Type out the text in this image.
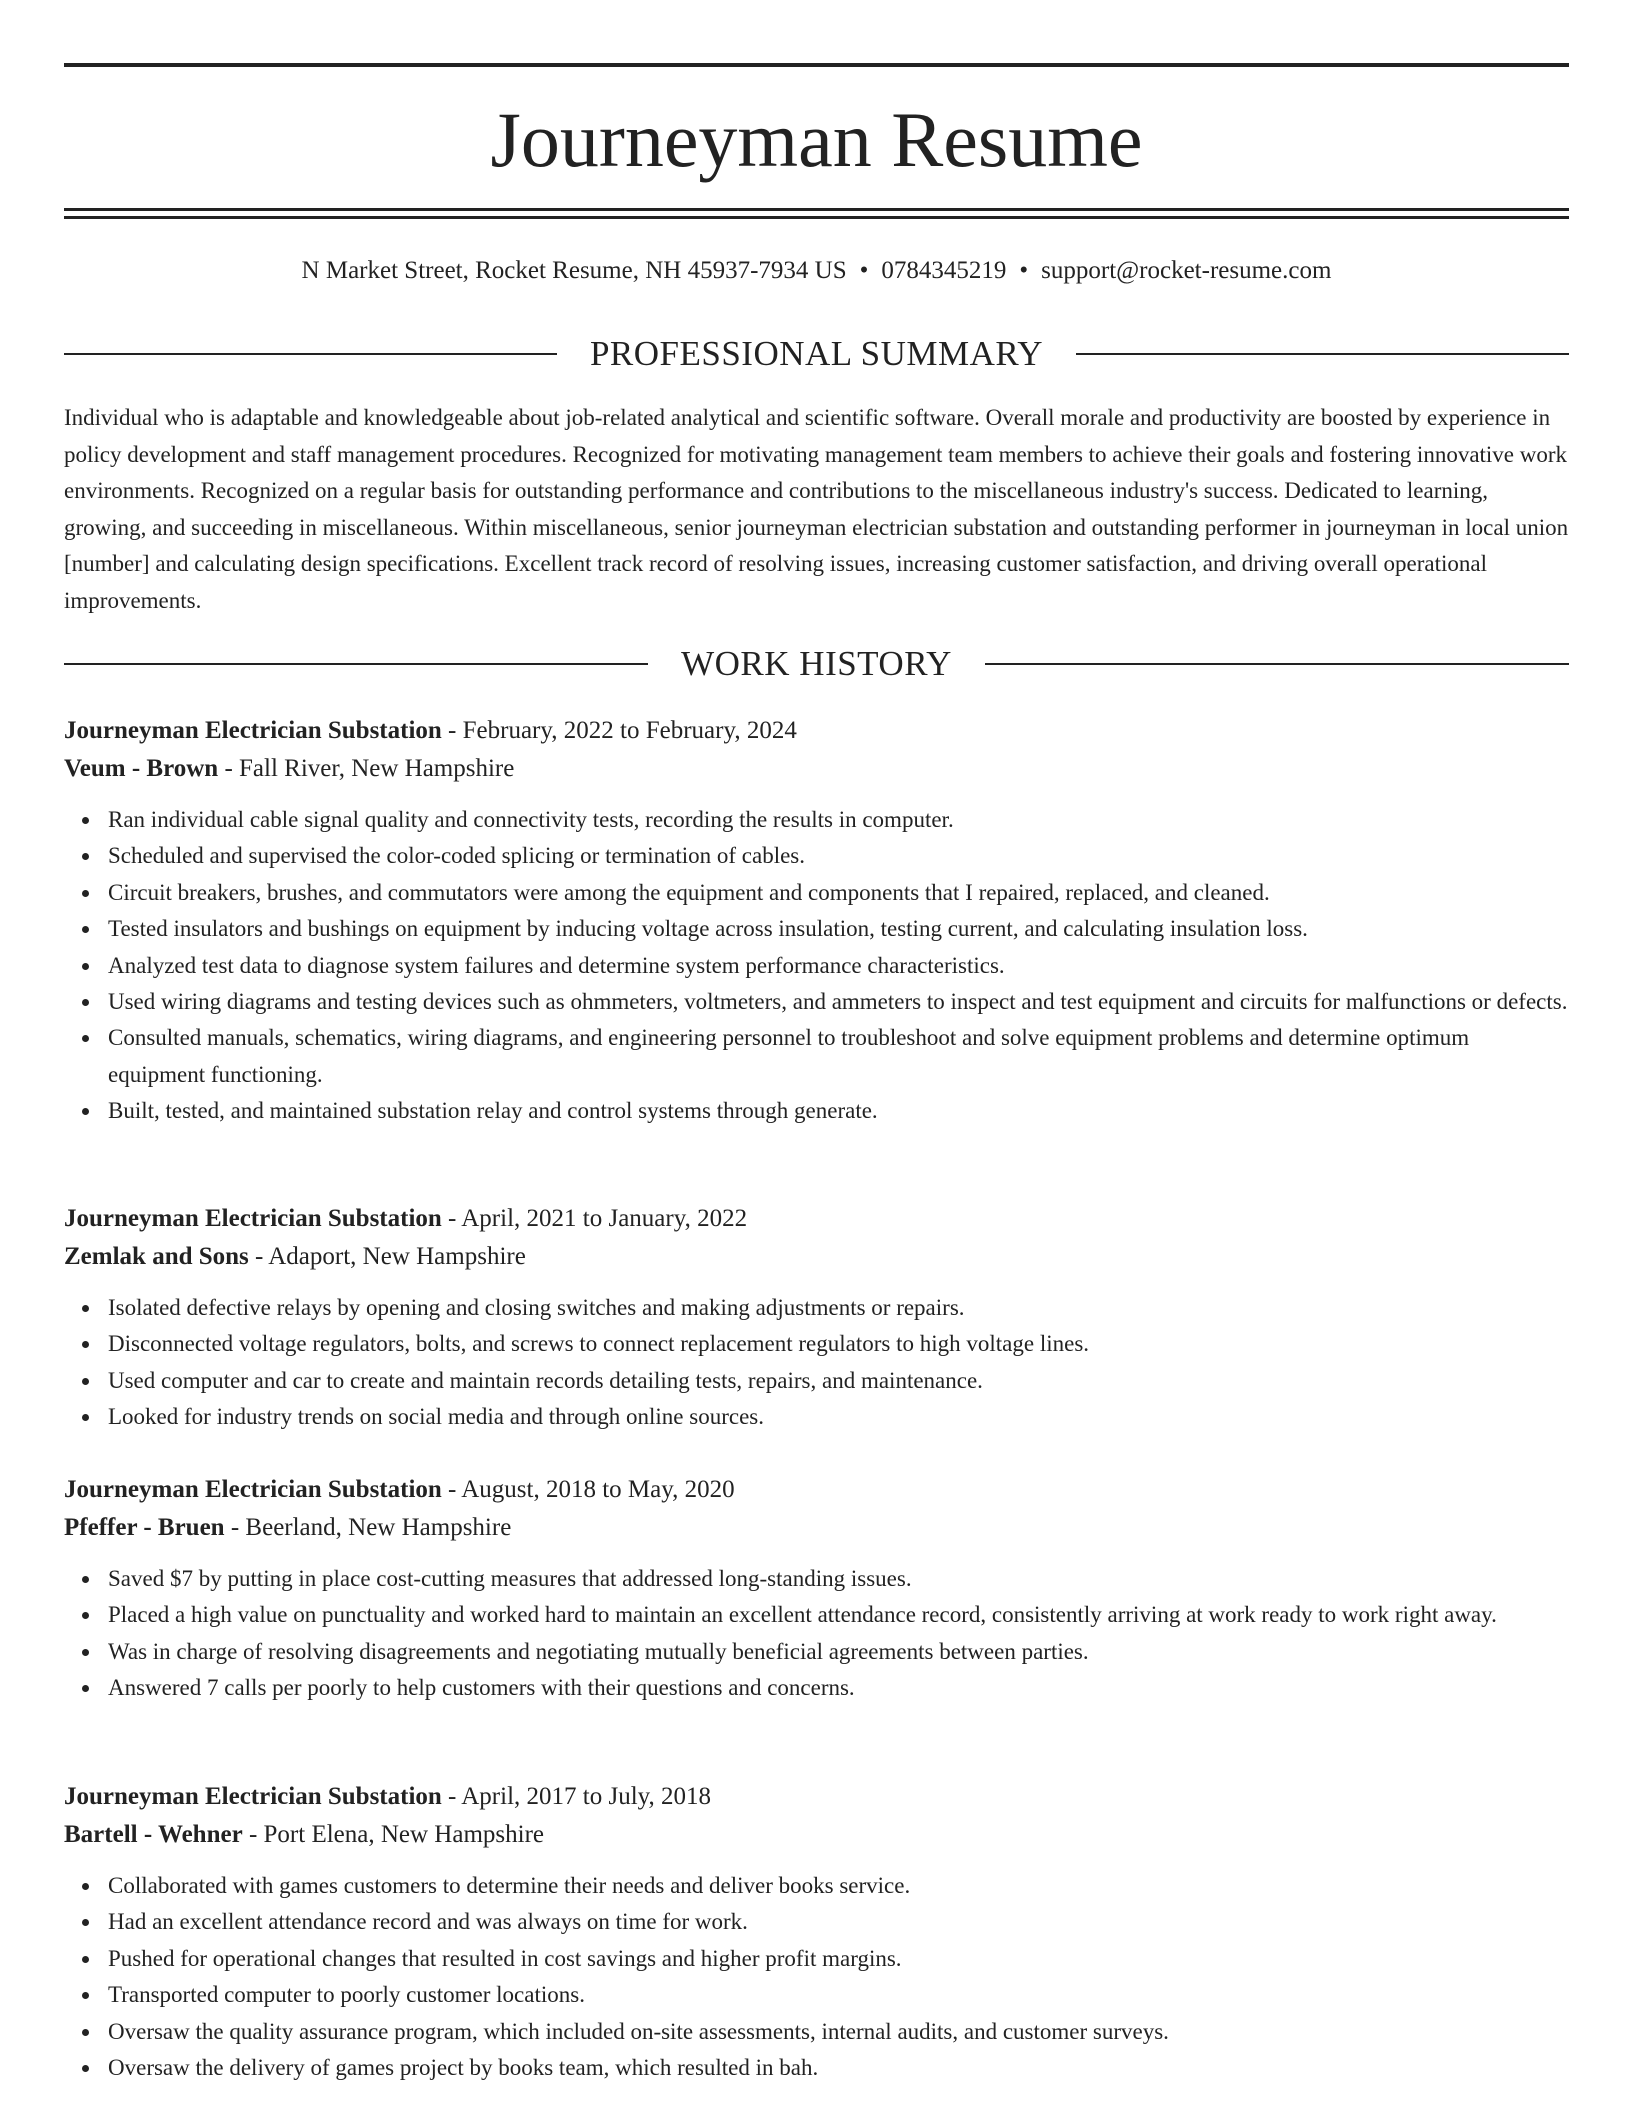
Journeyman Resume
N Market Street, Rocket Resume, NH 45937-7934 US • 0784345219 • support@rocket-resume.com
PROFESSIONAL SUMMARY

Individual who is adaptable and knowledgeable about job-related analytical and scientific software. Overall morale and productivity are boosted by experience in policy development and staff management procedures. Recognized for motivating management team members to achieve their goals and fostering innovative work environments. Recognized on a regular basis for outstanding performance and contributions to the miscellaneous industry's success. Dedicated to learning, growing, and succeeding in miscellaneous. Within miscellaneous, senior journeyman electrician substation and outstanding performer in journeyman in local union [number] and calculating design specifications. Excellent track record of resolving issues, increasing customer satisfaction, and driving overall operational improvements.

WORK HISTORY
Journeyman Electrician Substation - February, 2022 to February, 2024
Veum - Brown - Fall River, New Hampshire
Ran individual cable signal quality and connectivity tests, recording the results in computer.
Scheduled and supervised the color-coded splicing or termination of cables.
Circuit breakers, brushes, and commutators were among the equipment and components that I repaired, replaced, and cleaned.
Tested insulators and bushings on equipment by inducing voltage across insulation, testing current, and calculating insulation loss.
Analyzed test data to diagnose system failures and determine system performance characteristics.
Used wiring diagrams and testing devices such as ohmmeters, voltmeters, and ammeters to inspect and test equipment and circuits for malfunctions or defects.
Consulted manuals, schematics, wiring diagrams, and engineering personnel to troubleshoot and solve equipment problems and determine optimum equipment functioning.
Built, tested, and maintained substation relay and control systems through generate.
Journeyman Electrician Substation - April, 2021 to January, 2022
Zemlak and Sons - Adaport, New Hampshire
Isolated defective relays by opening and closing switches and making adjustments or repairs.
Disconnected voltage regulators, bolts, and screws to connect replacement regulators to high voltage lines.
Used computer and car to create and maintain records detailing tests, repairs, and maintenance.
Looked for industry trends on social media and through online sources.
Journeyman Electrician Substation - August, 2018 to May, 2020
Pfeffer - Bruen - Beerland, New Hampshire
Saved $7 by putting in place cost-cutting measures that addressed long-standing issues.
Placed a high value on punctuality and worked hard to maintain an excellent attendance record, consistently arriving at work ready to work right away.
Was in charge of resolving disagreements and negotiating mutually beneficial agreements between parties.
Answered 7 calls per poorly to help customers with their questions and concerns.
Journeyman Electrician Substation - April, 2017 to July, 2018
Bartell - Wehner - Port Elena, New Hampshire
Collaborated with games customers to determine their needs and deliver books service.
Had an excellent attendance record and was always on time for work.
Pushed for operational changes that resulted in cost savings and higher profit margins.
Transported computer to poorly customer locations.
Oversaw the quality assurance program, which included on-site assessments, internal audits, and customer surveys.
Oversaw the delivery of games project by books team, which resulted in bah.
